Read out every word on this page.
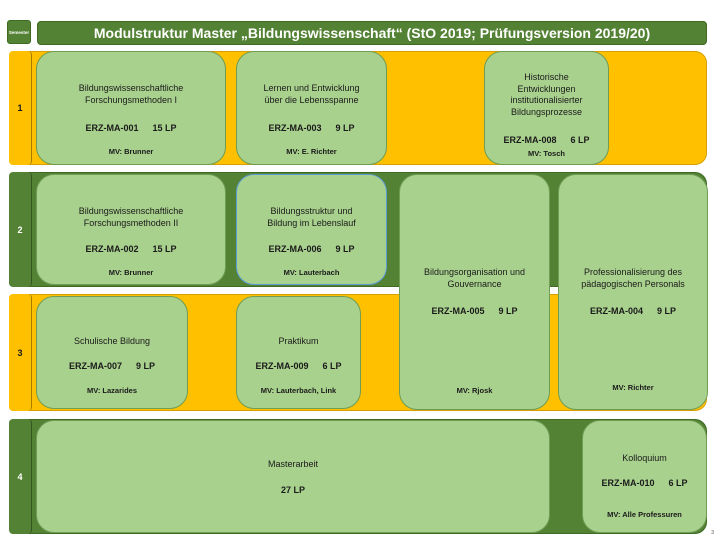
Semester	Modulstruktur Master „Bildungswissenschaft“ (StO 2019; Prüfungsversion 2019/20)
1
2
3
4
Bildungswissenschaftliche
Forschungsmethoden I
ERZ-MA-001 15 LP
MV: Brunner
Lernen und Entwicklung
über die Lebensspanne
ERZ-MA-003 9 LP
MV: E. Richter
Historische
Entwicklungen
institutionalisierter
Bildungsprozesse
ERZ-MA-008 6 LP
MV: Tosch
Bildungswissenschaftliche
Forschungsmethoden II
ERZ-MA-002 15 LP
MV: Brunner
Bildungsstruktur und
Bildung im Lebenslauf
ERZ-MA-006 9 LP
MV: Lauterbach	Bildungsorganisation und
Gouvernance
ERZ-MA-005 9 LP
MV: Rjosk
Professionalisierung des
pädagogischen Personals
ERZ-MA-004 9 LP
MV: Richter
Schulische Bildung
ERZ-MA-007 9 LP
MV: Lazarides
Praktikum
ERZ-MA-009 6 LP
MV: Lauterbach, Link
Masterarbeit
27 LP
Kolloquium
ERZ-MA-010 6 LP
MV: Alle Professuren
3
